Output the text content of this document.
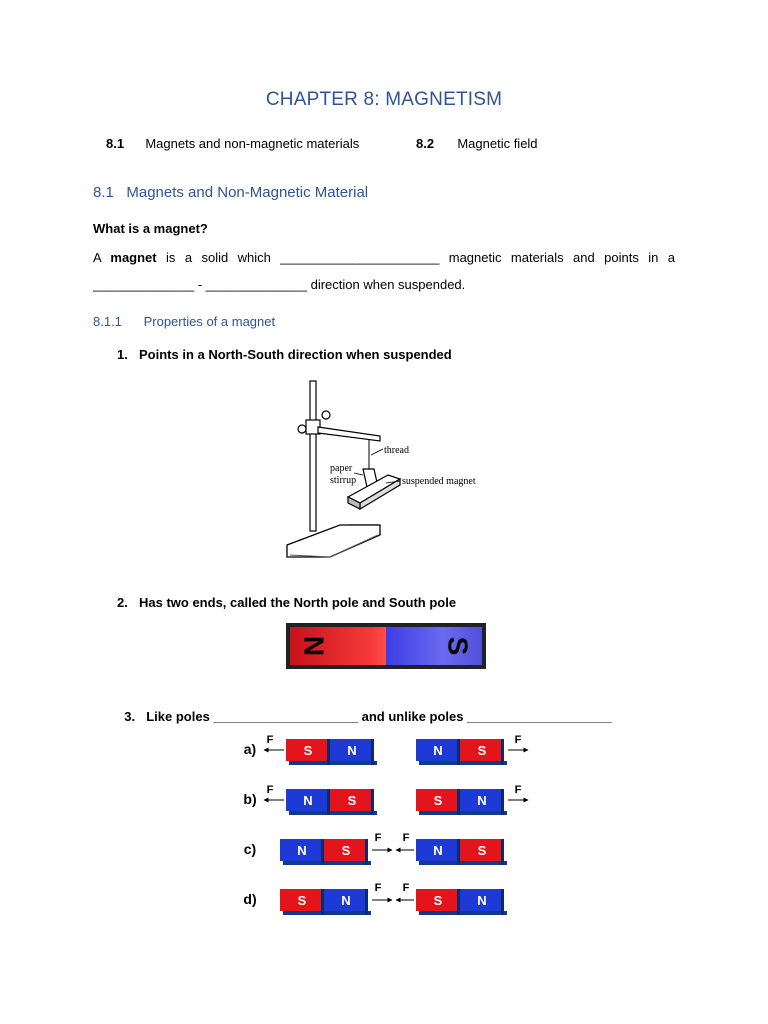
CHAPTER 8: MAGNETISM
8.1 Magnets and non-magnetic materials	8.2 Magnetic field
8.1   Magnets and Non-Magnetic Material
What is a magnet?
A magnet is a solid which ______________________ magnetic materials and points in a
______________ - ______________ direction when suspended.
8.1.1      Properties of a magnet
1. Points in a North-South direction when suspended
thread
paper
stirrup	suspended magnet
2. Has two ends, called the North pole and South pole
N	S

3. Like poles ____________________ and unlike poles ____________________

a)	S	N	N	S
F	F
b)	N	S	S	N
F	F
c)	N	S	N	S
F F
d)	S	N	S	N
F F
